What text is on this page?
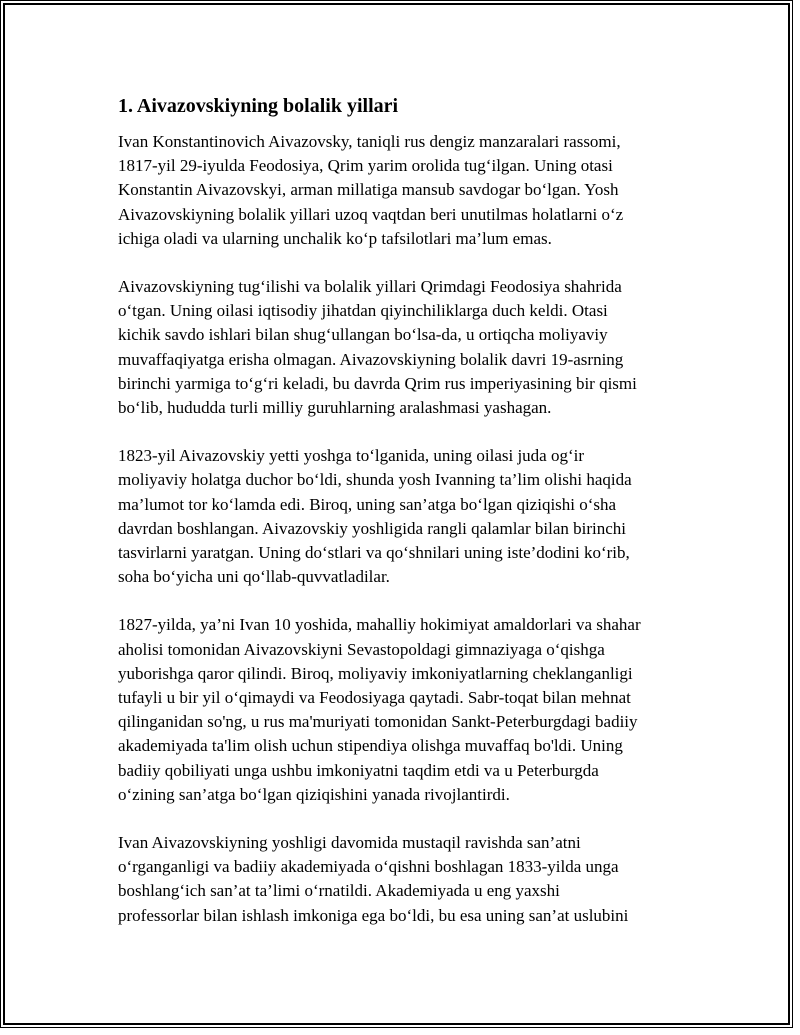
1. Aivazovskiyning bolalik yillari

Ivan Konstantinovich Aivazovsky, taniqli rus dengiz manzaralari rassomi,
1817-yil 29-iyulda Feodosiya, Qrim yarim orolida tug‘ilgan. Uning otasi
Konstantin Aivazovskyi, arman millatiga mansub savdogar bo‘lgan. Yosh
Aivazovskiyning bolalik yillari uzoq vaqtdan beri unutilmas holatlarni o‘z
ichiga oladi va ularning unchalik ko‘p tafsilotlari ma’lum emas.

Aivazovskiyning tug‘ilishi va bolalik yillari Qrimdagi Feodosiya shahrida
o‘tgan. Uning oilasi iqtisodiy jihatdan qiyinchiliklarga duch keldi. Otasi
kichik savdo ishlari bilan shug‘ullangan bo‘lsa-da, u ortiqcha moliyaviy
muvaffaqiyatga erisha olmagan. Aivazovskiyning bolalik davri 19-asrning
birinchi yarmiga to‘g‘ri keladi, bu davrda Qrim rus imperiyasining bir qismi
bo‘lib, hududda turli milliy guruhlarning aralashmasi yashagan.

1823-yil Aivazovskiy yetti yoshga to‘lganida, uning oilasi juda og‘ir
moliyaviy holatga duchor bo‘ldi, shunda yosh Ivanning ta’lim olishi haqida
ma’lumot tor ko‘lamda edi. Biroq, uning san’atga bo‘lgan qiziqishi o‘sha
davrdan boshlangan. Aivazovskiy yoshligida rangli qalamlar bilan birinchi
tasvirlarni yaratgan. Uning do‘stlari va qo‘shnilari uning iste’dodini ko‘rib,
soha bo‘yicha uni qo‘llab-quvvatladilar.

1827-yilda, ya’ni Ivan 10 yoshida, mahalliy hokimiyat amaldorlari va shahar
aholisi tomonidan Aivazovskiyni Sevastopoldagi gimnaziyaga o‘qishga
yuborishga qaror qilindi. Biroq, moliyaviy imkoniyatlarning cheklanganligi
tufayli u bir yil o‘qimaydi va Feodosiyaga qaytadi. Sabr-toqat bilan mehnat
qilinganidan so'ng, u rus ma'muriyati tomonidan Sankt-Peterburgdagi badiiy
akademiyada ta'lim olish uchun stipendiya olishga muvaffaq bo'ldi. Uning
badiiy qobiliyati unga ushbu imkoniyatni taqdim etdi va u Peterburgda
o‘zining san’atga bo‘lgan qiziqishini yanada rivojlantirdi.

Ivan Aivazovskiyning yoshligi davomida mustaqil ravishda san’atni
o‘rganganligi va badiiy akademiyada o‘qishni boshlagan 1833-yilda unga
boshlang‘ich san’at ta’limi o‘rnatildi. Akademiyada u eng yaxshi
professorlar bilan ishlash imkoniga ega bo‘ldi, bu esa uning san’at uslubini
